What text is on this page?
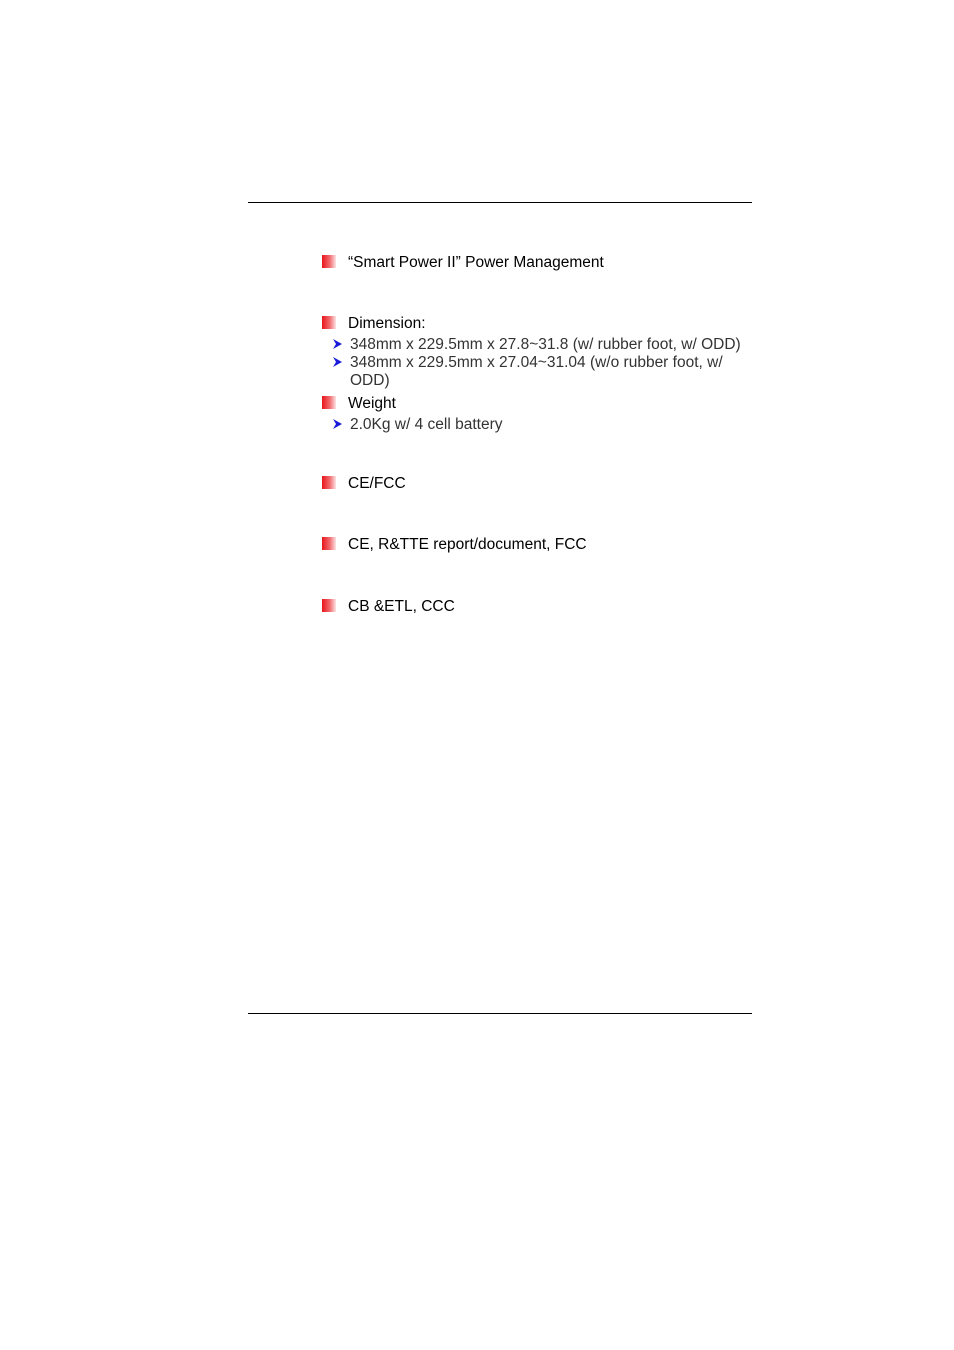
“Smart Power II” Power Management
Dimension:
348mm x 229.5mm x 27.8~31.8 (w/ rubber foot, w/ ODD)
348mm x 229.5mm x 27.04~31.04 (w/o rubber foot, w/ ODD)
Weight
2.0Kg w/ 4 cell battery
CE/FCC
CE, R&TTE report/document, FCC
CB &ETL, CCC
